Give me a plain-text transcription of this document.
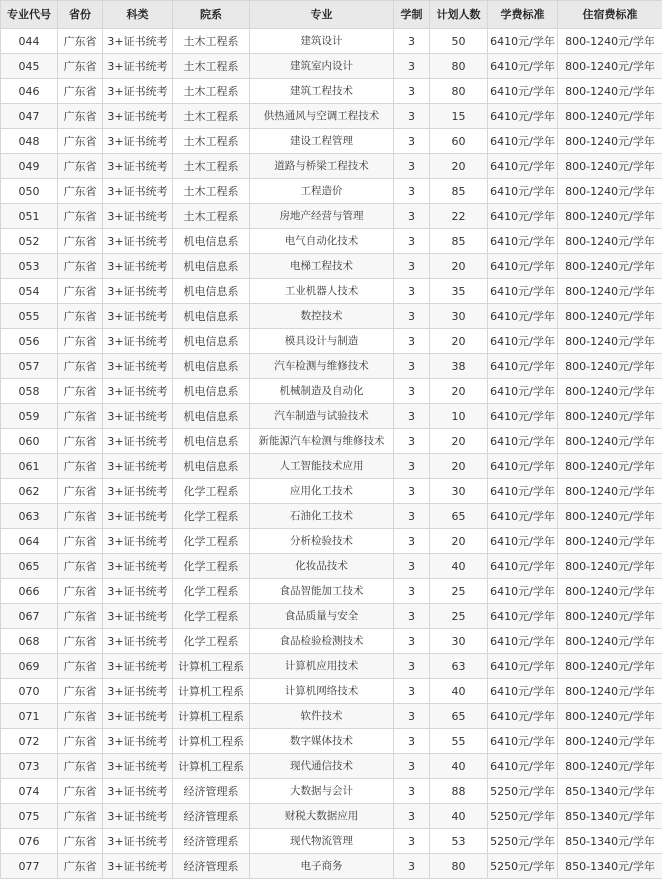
专业代号	省份	科类	院系	专业	学制	计划人数	学费标准	住宿费标准
044	广东省	3+证书统考	土木工程系	建筑设计	3	50	6410元/学年	800-1240元/学年
045	广东省	3+证书统考	土木工程系	建筑室内设计	3	80	6410元/学年	800-1240元/学年
046	广东省	3+证书统考	土木工程系	建筑工程技术	3	80	6410元/学年	800-1240元/学年
047	广东省	3+证书统考	土木工程系	供热通风与空调工程技术	3	15	6410元/学年	800-1240元/学年
048	广东省	3+证书统考	土木工程系	建设工程管理	3	60	6410元/学年	800-1240元/学年
049	广东省	3+证书统考	土木工程系	道路与桥梁工程技术	3	20	6410元/学年	800-1240元/学年
050	广东省	3+证书统考	土木工程系	工程造价	3	85	6410元/学年	800-1240元/学年
051	广东省	3+证书统考	土木工程系	房地产经营与管理	3	22	6410元/学年	800-1240元/学年
052	广东省	3+证书统考	机电信息系	电气自动化技术	3	85	6410元/学年	800-1240元/学年
053	广东省	3+证书统考	机电信息系	电梯工程技术	3	20	6410元/学年	800-1240元/学年
054	广东省	3+证书统考	机电信息系	工业机器人技术	3	35	6410元/学年	800-1240元/学年
055	广东省	3+证书统考	机电信息系	数控技术	3	30	6410元/学年	800-1240元/学年
056	广东省	3+证书统考	机电信息系	模具设计与制造	3	20	6410元/学年	800-1240元/学年
057	广东省	3+证书统考	机电信息系	汽车检测与维修技术	3	38	6410元/学年	800-1240元/学年
058	广东省	3+证书统考	机电信息系	机械制造及自动化	3	20	6410元/学年	800-1240元/学年
059	广东省	3+证书统考	机电信息系	汽车制造与试验技术	3	10	6410元/学年	800-1240元/学年
060	广东省	3+证书统考	机电信息系	新能源汽车检测与维修技术	3	20	6410元/学年	800-1240元/学年
061	广东省	3+证书统考	机电信息系	人工智能技术应用	3	20	6410元/学年	800-1240元/学年
062	广东省	3+证书统考	化学工程系	应用化工技术	3	30	6410元/学年	800-1240元/学年
063	广东省	3+证书统考	化学工程系	石油化工技术	3	65	6410元/学年	800-1240元/学年
064	广东省	3+证书统考	化学工程系	分析检验技术	3	20	6410元/学年	800-1240元/学年
065	广东省	3+证书统考	化学工程系	化妆品技术	3	40	6410元/学年	800-1240元/学年
066	广东省	3+证书统考	化学工程系	食品智能加工技术	3	25	6410元/学年	800-1240元/学年
067	广东省	3+证书统考	化学工程系	食品质量与安全	3	25	6410元/学年	800-1240元/学年
068	广东省	3+证书统考	化学工程系	食品检验检测技术	3	30	6410元/学年	800-1240元/学年
069	广东省	3+证书统考	计算机工程系	计算机应用技术	3	63	6410元/学年	800-1240元/学年
070	广东省	3+证书统考	计算机工程系	计算机网络技术	3	40	6410元/学年	800-1240元/学年
071	广东省	3+证书统考	计算机工程系	软件技术	3	65	6410元/学年	800-1240元/学年
072	广东省	3+证书统考	计算机工程系	数字媒体技术	3	55	6410元/学年	800-1240元/学年
073	广东省	3+证书统考	计算机工程系	现代通信技术	3	40	6410元/学年	800-1240元/学年
074	广东省	3+证书统考	经济管理系	大数据与会计	3	88	5250元/学年	850-1340元/学年
075	广东省	3+证书统考	经济管理系	财税大数据应用	3	40	5250元/学年	850-1340元/学年
076	广东省	3+证书统考	经济管理系	现代物流管理	3	53	5250元/学年	850-1340元/学年
077	广东省	3+证书统考	经济管理系	电子商务	3	80	5250元/学年	850-1340元/学年
